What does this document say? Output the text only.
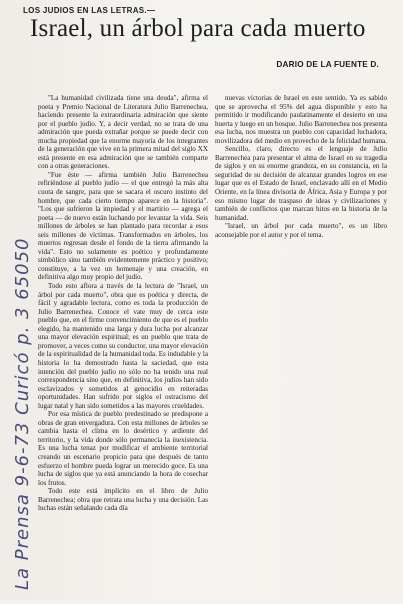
LOS JUDIOS EN LAS LETRAS.—
Israel, un árbol para cada muerto
DARIO DE LA FUENTE D.
La Prensa 9-6-73 Curicó p. 3 65050

"La humanidad civilizada tiene una deuda", afirma el poeta y Premio Nacional de Literatura Julio Barrenechea, haciendo presente la extraordinaria admiración que siente por el pueblo judío. Y, a decir verdad, no se trata de una admiración que pueda extrañar porque se puede decir con mucha propiedad que la enorme mayoría de los integrantes de la generación que vive en la primera mitad del siglo XX está presente en esa admiración que se también comparte con a otras generaciones.

"Fue éste — afirma también Julio Barrenechea refiriéndose al pueblo judío — el que entregó la más alta cuota de sangre, para que se sacara el oscuro instinto del hombre, que cada cierto tiempo aparece en la historia". "Los que sufrieron la impiedad y el martirio — agrega el poeta — de nuevo están luchando por levantar la vida. Seis millones de árboles se han plantado para recordar a esos seis millones de víctimas. Transformados en árboles, los muertos regresan desde el fondo de la tierra afirmando la vida". Esto no solamente es poético y profundamente simbólico sino también evidentemente práctico y positivo; constituye, a la vez un homenaje y una creación, en definitiva algo muy propio del judío.

Todo esto aflora a través de la lectura de "Israel, un árbol por cada muerto", obra que es poética y directa, de fácil y agradable lectura, como es toda la producción de Julio Barrenechea. Conoce el vate muy de cerca este pueblo que, en el firme convencimiento de que es el pueblo elegido, ha mantenido una larga y dura lucha por alcanzar una mayor elevación espiritual; es un pueblo que trata de promover, a veces como su conductor, una mayor elevación de la espiritualidad de la humanidad toda. Es indudable y la historia lo ha demostrado hasta la saciedad, que esta intención del pueblo judío no sólo no ha tenido una real correspondencia sino que, en definitiva, los judíos han sido esclavizados y sometidos al genocidio en reiteradas oportunidades. Han sufrido por siglos el ostracismo del lugar natal y han sido sometidos a las mayores crueldades.

Por esa mística de pueblo predestinado se predispone a obras de gran envergadura. Con esta millones de árboles se cambia hasta el clima en lo desértico y ardiente del territorio, y la vida donde sólo permanecía la inexistencia. Es una lucha tenaz por modificar el ambiente territorial creando un escenario propicio para que después de tanto esfuerzo el hombre pueda lograr un merecido goce. Es una lucha de siglos que ya está anunciando la hora de cosechar los frutos.

Todo este está implícito en el libro de Julio Barrenechea; obra que retrata una lucha y una decisión. Las luchas están señalando cada día

nuevas victorias de Israel en este sentido. Ya es sabido que se aprovecha el 95% del agua disponible y esto ha permitido ir modificando paulatinamente el desierto en una huerta y luego en un bosque. Julio Barrenechea nos presenta esa lucha, nos muestra un pueblo con capacidad luchadora, movilizadora del medio en provecho de la felicidad humana.

Sencillo, claro, directo es el lenguaje de Julio Barrenechea para presentar el alma de Israel en su tragedia de siglos y en su enorme grandeza, en su constancia, en la seguridad de su decisión de alcanzar grandes logros en ese lugar que es el Estado de Israel, enclavado allí en el Medio Oriente, en la línea divisoria de África, Asia y Europa y por eso mismo lugar de traspaso de ideas y civilizaciones y también de conflictos que marcan hitos en la historia de la humanidad.

"Israel, un árbol por cada muerto", es un libro aconsejable por el autor y por el tema.
